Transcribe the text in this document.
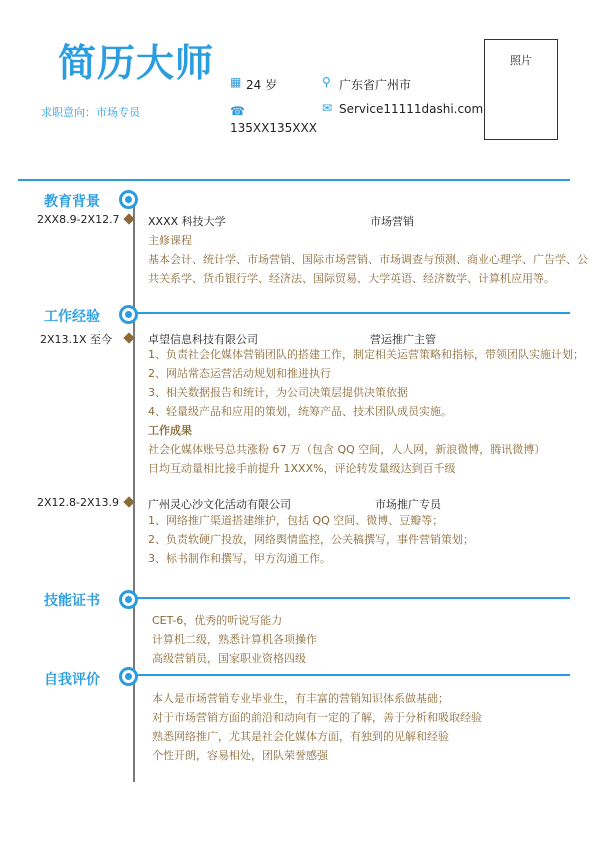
简历大师
求职意向：市场专员
▦ 24 岁	⚲ 广东省广州市
☎
135XX135XXX
✉ Service11111dashi.com
照片
教育背景
2XX8.9-2X12.7	XXXX 科技大学	市场营销
主修课程
基本会计、统计学、市场营销、国际市场营销、市场调查与预测、商业心理学、广告学、公
共关系学、货币银行学、经济法、国际贸易、大学英语、经济数学、计算机应用等。
工作经验
2X13.1X 至今	卓望信息科技有限公司	营运推广主管
1、负责社会化媒体营销团队的搭建工作，制定相关运营策略和指标，带领团队实施计划；
2、网站常态运营活动规划和推进执行
3、相关数据报告和统计，为公司决策层提供决策依据
4、轻量级产品和应用的策划，统筹产品、技术团队成员实施。
工作成果
社会化媒体账号总共涨粉 67 万（包含 QQ 空间，人人网，新浪微博，腾讯微博）
日均互动量相比接手前提升 1XXX%，评论转发量级达到百千级
2X12.8-2X13.9	广州灵心沙文化活动有限公司	市场推广专员
1、网络推广渠道搭建维护，包括 QQ 空间、微博、豆瓣等；
2、负责软硬广投放，网络舆情监控，公关稿撰写，事件营销策划；
3、标书制作和撰写，甲方沟通工作。
技能证书
CET-6，优秀的听说写能力
计算机二级，熟悉计算机各项操作
高级营销员，国家职业资格四级
自我评价
本人是市场营销专业毕业生，有丰富的营销知识体系做基础；
对于市场营销方面的前沿和动向有一定的了解，善于分析和吸取经验
熟悉网络推广，尤其是社会化媒体方面，有独到的见解和经验
个性开朗，容易相处，团队荣誉感强
